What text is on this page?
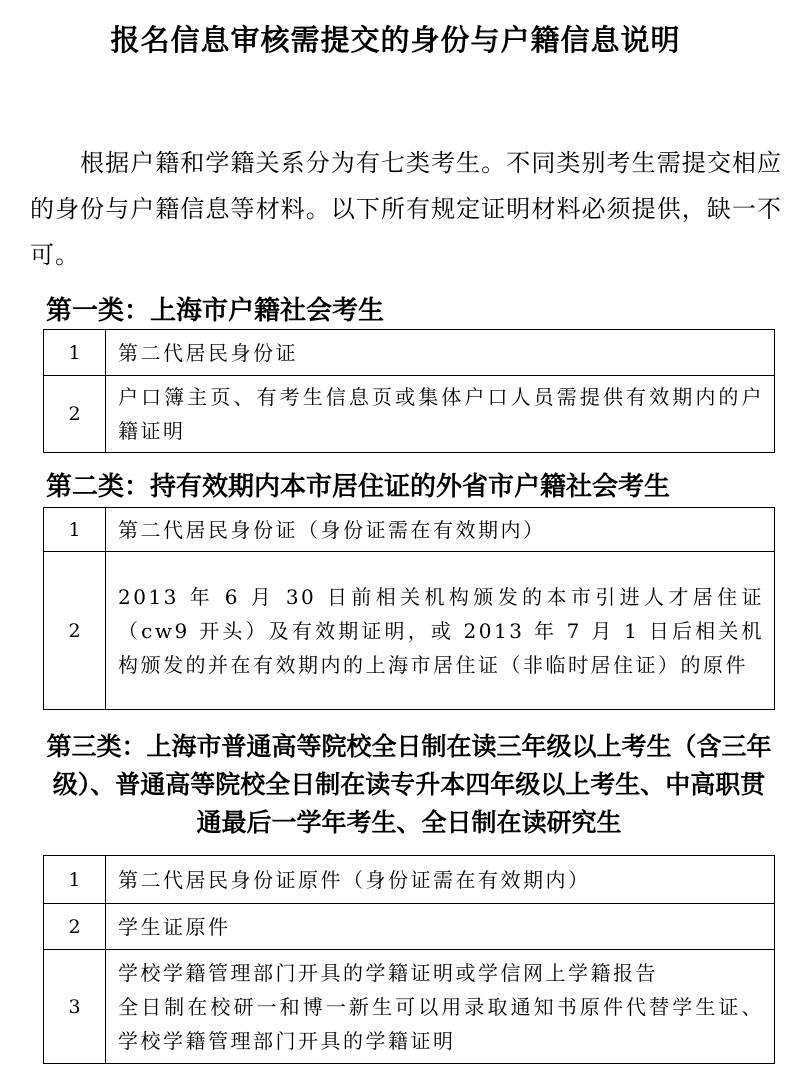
报名信息审核需提交的身份与户籍信息说明

根据户籍和学籍关系分为有七类考生。不同类别考生需提交相应的身份与户籍信息等材料。以下所有规定证明材料必须提供，缺一不可。

第一类：上海市户籍社会考生
1	第二代居民身份证
2	户口簿主页、有考生信息页或集体户口人员需提供有效期内的户籍证明
第二类：持有效期内本市居住证的外省市户籍社会考生
1	第二代居民身份证（身份证需在有效期内）
2	2013 年 6 月 30 日前相关机构颁发的本市引进人才居住证（cw9 开头）及有效期证明，或 2013 年 7 月 1 日后相关机构颁发的并在有效期内的上海市居住证（非临时居住证）的原件
第三类：上海市普通高等院校全日制在读三年级以上考生（含三年级）、普通高等院校全日制在读专升本四年级以上考生、中高职贯通最后一学年考生、全日制在读研究生
1	第二代居民身份证原件（身份证需在有效期内）
2	学生证原件
3	学校学籍管理部门开具的学籍证明或学信网上学籍报告
全日制在校研一和博一新生可以用录取通知书原件代替学生证、学校学籍管理部门开具的学籍证明
